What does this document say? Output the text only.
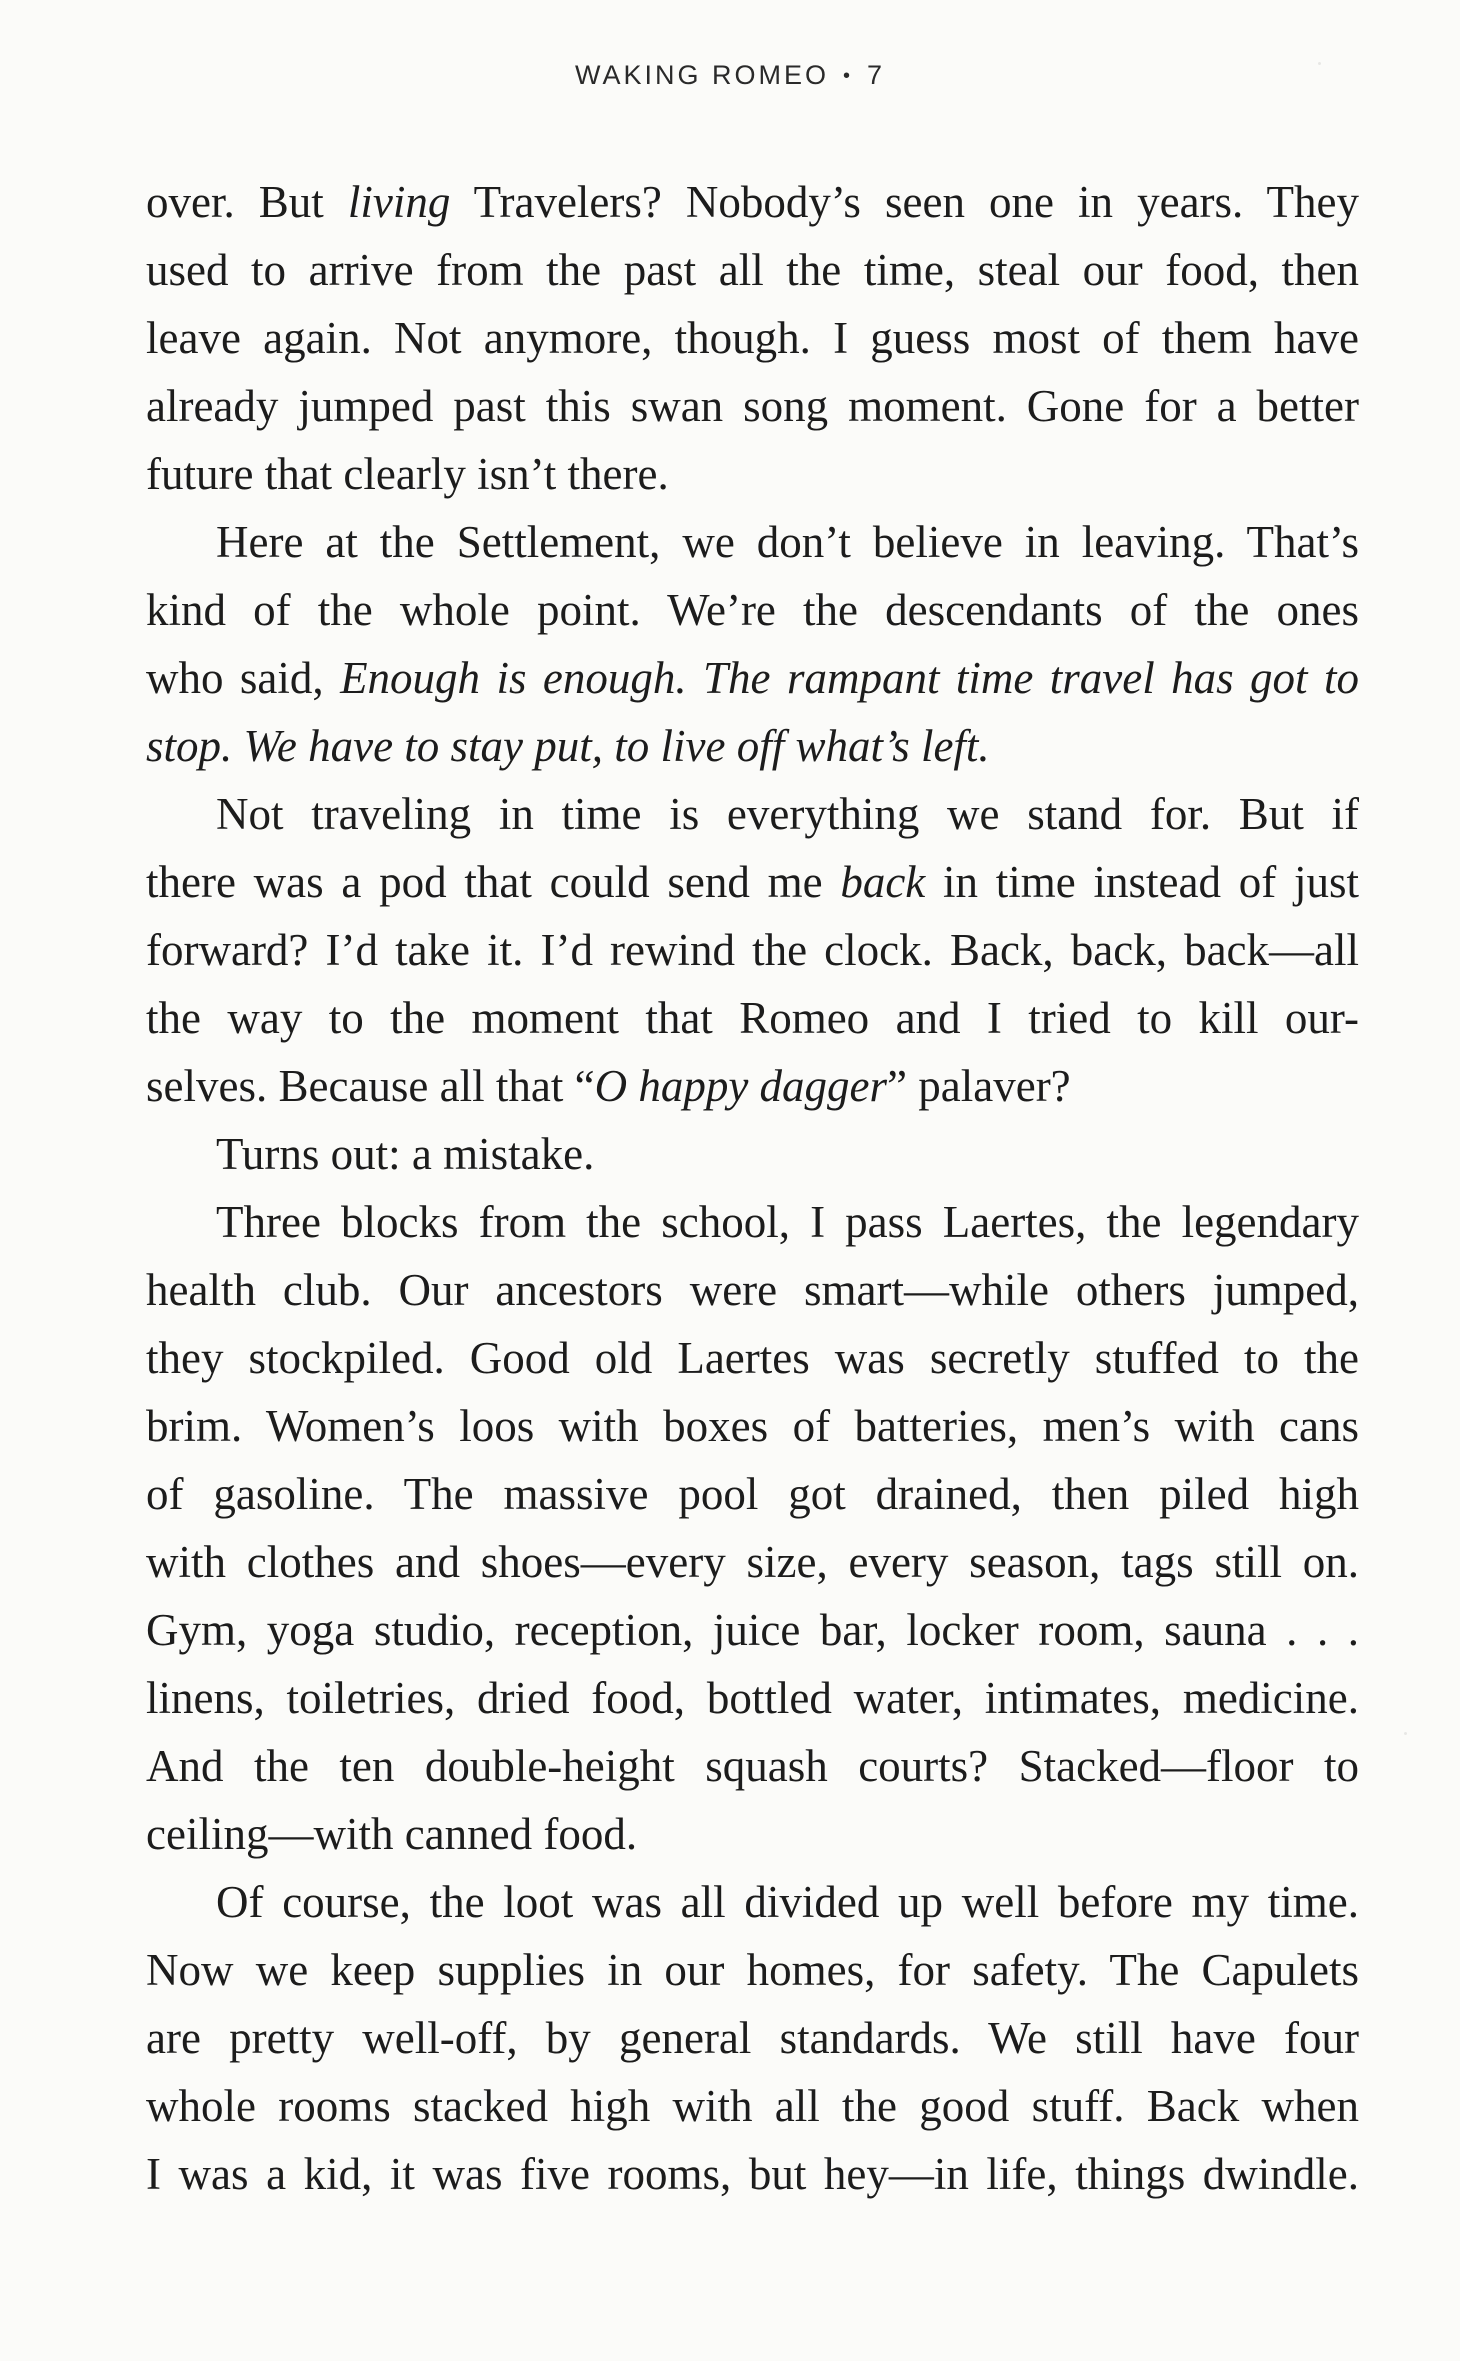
WAKING ROMEO • 7
over. But living Travelers? Nobody’s seen one in years. They
used to arrive from the past all the time, steal our food, then
leave again. Not anymore, though. I guess most of them have
already jumped past this swan song moment. Gone for a better
future that clearly isn’t there.
Here at the Settlement, we don’t believe in leaving. That’s
kind of the whole point. We’re the descendants of the ones
who said, Enough is enough. The rampant time travel has got to
stop. We have to stay put, to live off what’s left.
Not traveling in time is everything we stand for. But if
there was a pod that could send me back in time instead of just
forward? I’d take it. I’d rewind the clock. Back, back, back—all
the way to the moment that Romeo and I tried to kill our-
selves. Because all that “O happy dagger” palaver?
Turns out: a mistake.
Three blocks from the school, I pass Laertes, the legendary
health club. Our ancestors were smart—while others jumped,
they stockpiled. Good old Laertes was secretly stuffed to the
brim. Women’s loos with boxes of batteries, men’s with cans
of gasoline. The massive pool got drained, then piled high
with clothes and shoes—every size, every season, tags still on.
Gym, yoga studio, reception, juice bar, locker room, sauna . . .
linens, toiletries, dried food, bottled water, intimates, medicine.
And the ten double-height squash courts? Stacked—floor to
ceiling—with canned food.
Of course, the loot was all divided up well before my time.
Now we keep supplies in our homes, for safety. The Capulets
are pretty well-off, by general standards. We still have four
whole rooms stacked high with all the good stuff. Back when
I was a kid, it was five rooms, but hey—in life, things dwindle.
